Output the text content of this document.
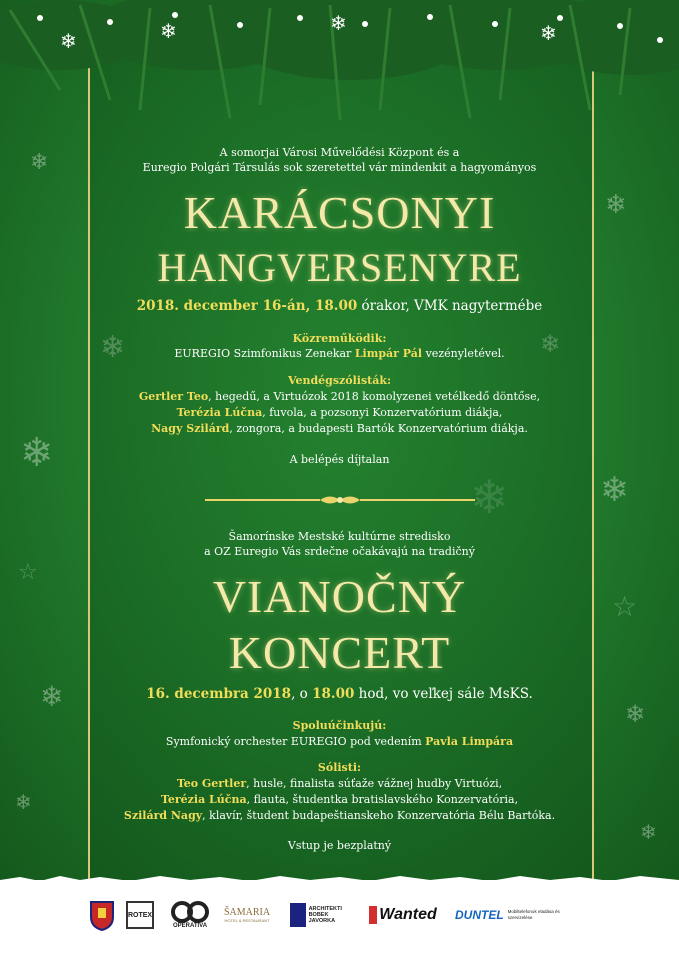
❄
❄
❄
❄
❄
❄
❄	❄
❄
❄
❄
☆
☆
❄	❄	❄
❄
A somorjai Városi Művelődési Központ és a
Euregio Polgári Társulás sok szeretettel vár mindenkit a hagyományos
KARÁCSONYI
HANGVERSENYRE
2018. december 16-án, 18.00 órakor, VMK nagytermébe
Közreműködik:
EUREGIO Szimfonikus Zenekar Limpár Pál vezényletével.
Vendégszólisták:
Gertler Teo, hegedű, a Virtuózok 2018 komolyzenei vetélkedő döntőse,
Terézia Lúčna, fuvola, a pozsonyi Konzervatórium diákja,
Nagy Szilárd, zongora, a budapesti Bartók Konzervatórium diákja.
A belépés díjtalan
Šamorínske Mestské kultúrne stredisko
a OZ Euregio Vás srdečne očakávajú na tradičný
VIANOČNÝ
KONCERT
16. decembra 2018, o 18.00 hod, vo veľkej sále MsKS.
Spoluúčinkujú:
Symfonický orchester EUREGIO pod vedením Pavla Limpára
Sólisti:
Teo Gertler, husle, finalista súťaže vážnej hudby Virtuózi,
Terézia Lúčna, flauta, študentka bratislavského Konzervatória,
Szilárd Nagy, klavír, študent budapeštianskeho Konzervatória Bélu Bartóka.
Vstup je bezplatný
ROTEX
OPERATÍVA
ŠAMARIA
HOTEL & RESTAURANT
ARCHITEKTI
BOBEK JAVORKA	Wanted DUNTEL Mobiltelefonok eladása és szervizelése
